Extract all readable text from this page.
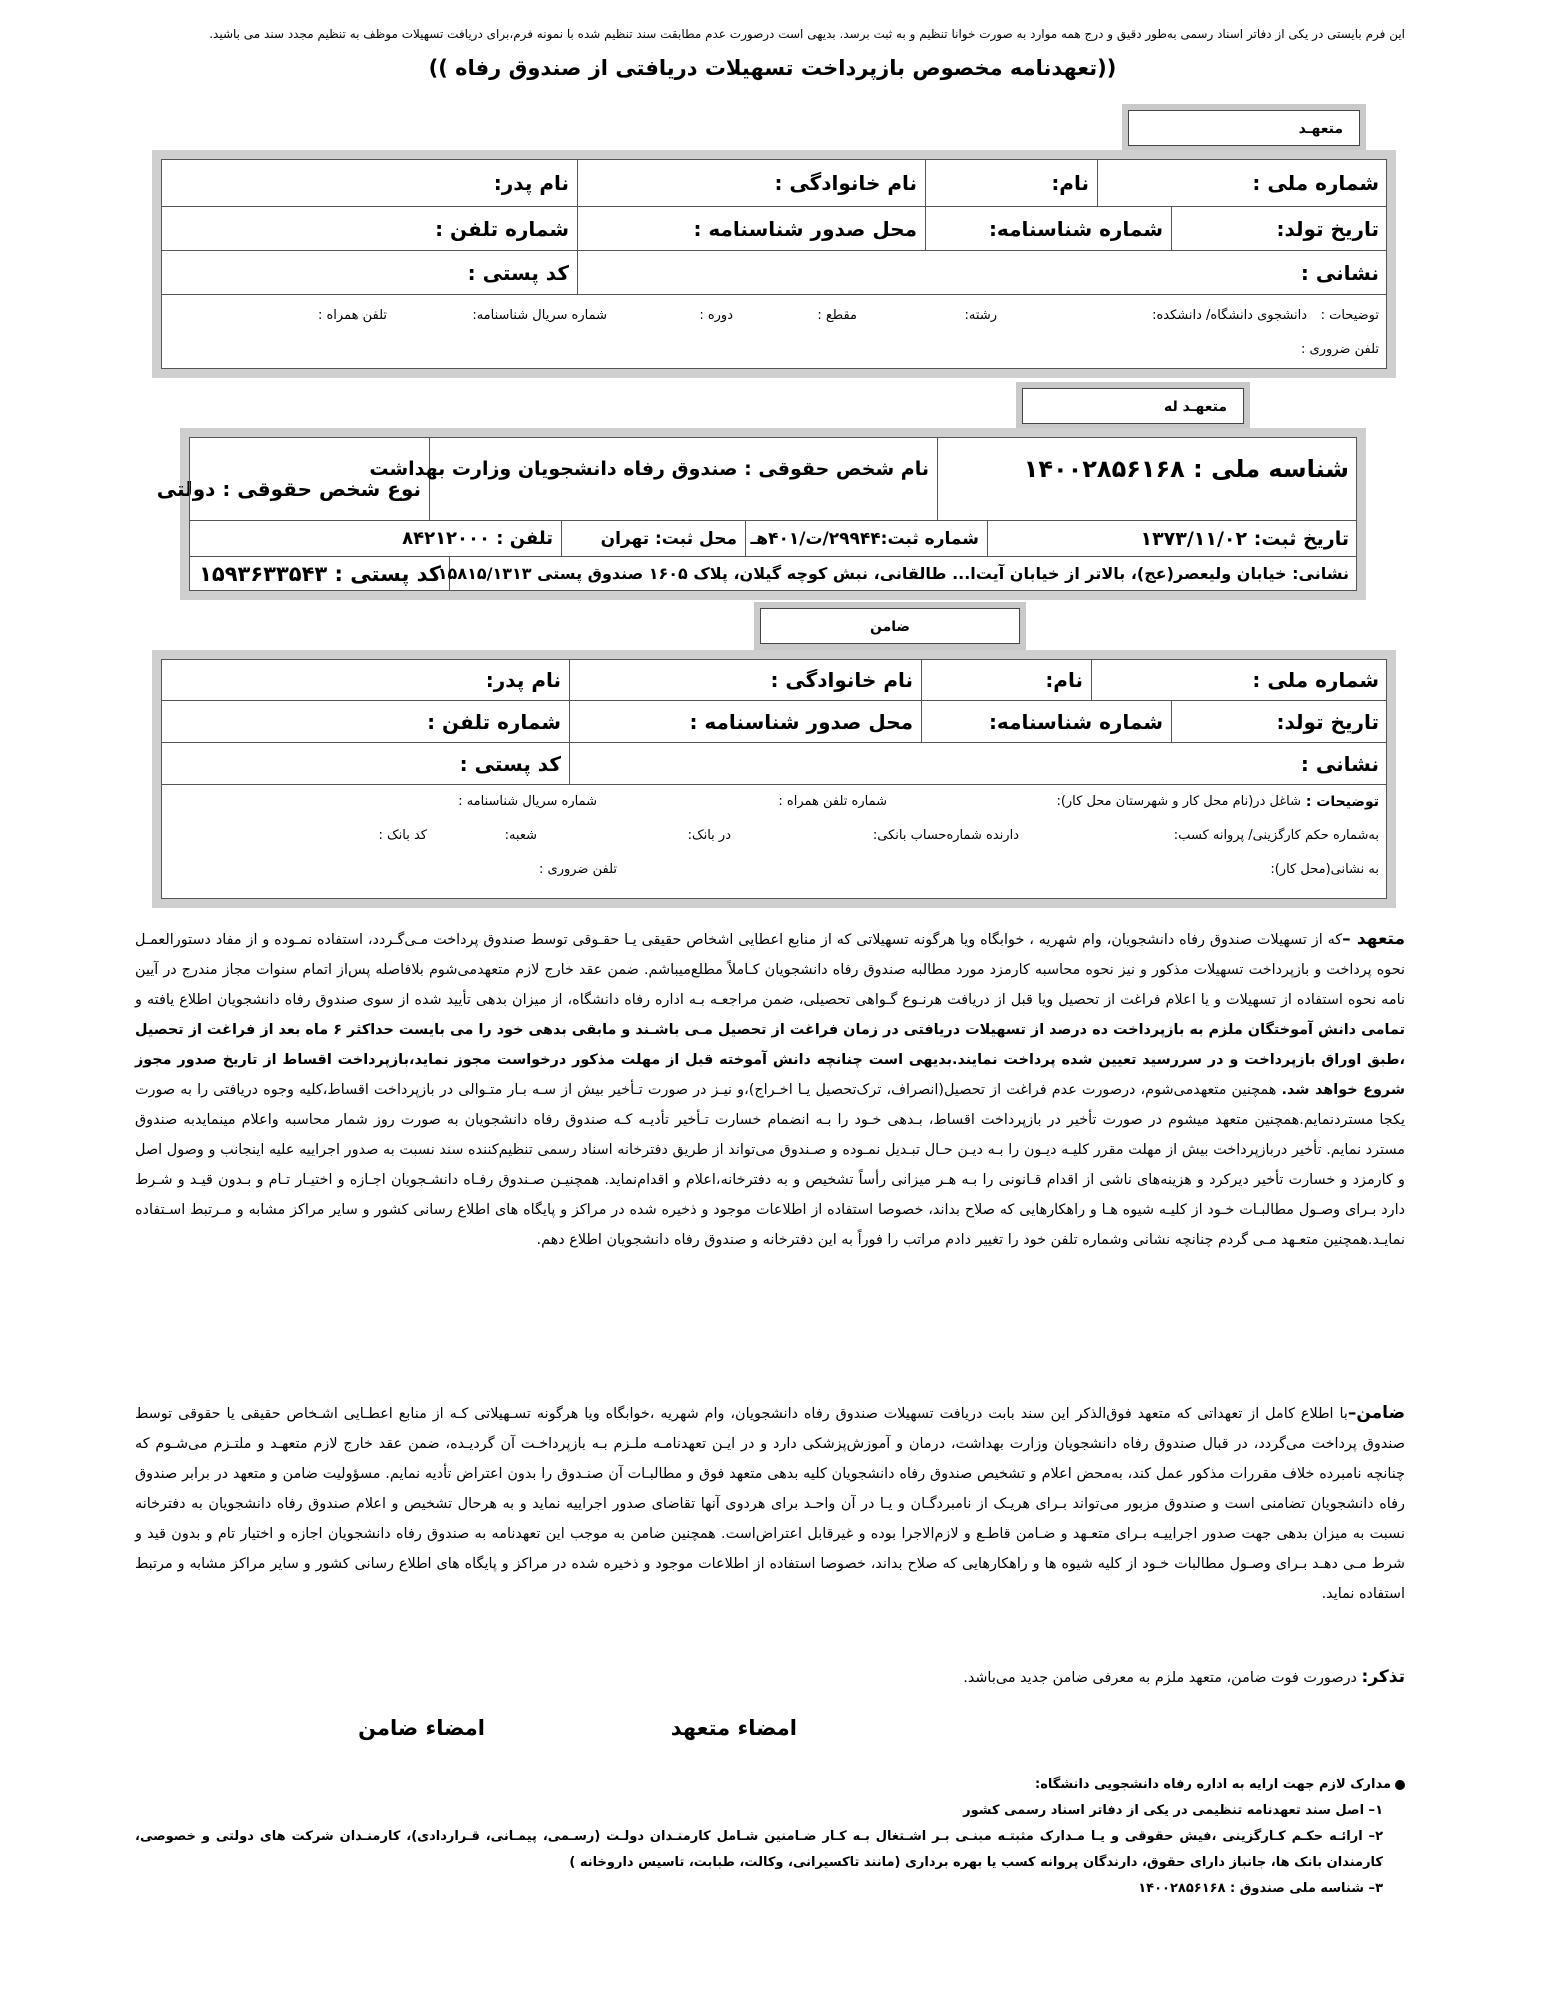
این فرم بایستی در یکی از دفاتر اسناد رسمی به‌طور دقیق و درج همه موارد به صورت خوانا تنظیم و به ثبت برسد. بدیهی است درصورت عدم مطابقت سند تنظیم شده با نمونه فرم،برای دریافت تسهیلات موظف به تنظیم مجدد سند می باشید.
((تعهدنامه مخصوص بازپرداخت تسهیلات دریافتی از صندوق رفاه ))
متعهـد
شماره ملی :
نام:
نام خانوادگی :
نام پدر:
تاریخ تولد:
شماره شناسنامه:
محل صدور شناسنامه :
شماره تلفن :
نشانی :
کد پستی :
توضیحات :
دانشجوی دانشگاه/ دانشکده:
رشته:
مقطع :
دوره :
شماره سریال شناسنامه:
تلفن همراه :
تلفن ضروری :
متعهـد له
شناسه ملی : ۱۴۰۰۲۸۵۶۱۶۸
نام شخص حقوقی : صندوق رفاه دانشجویان وزارت بهداشت
نوع شخص حقوقی : دولتی
تاریخ ثبت: ۱۳۷۳/۱۱/۰۲
شماره ثبت:۲۹۹۴۴/ت/۴۰۱هـ
محل ثبت: تهران
تلفن : ۸۴۲۱۲۰۰۰
نشانی: خیابان ولیعصر(عج)، بالاتر از خیابان آیت‌ا... طالقانی، نبش کوچه گیلان، پلاک ۱۶۰۵ صندوق پستی ۱۵۸۱۵/۱۳۱۳
کد پستی : ۱۵۹۳۶۳۳۵۴۳
ضامن
شماره ملی :
نام:
نام خانوادگی :
نام پدر:
تاریخ تولد:
شماره شناسنامه:
محل صدور شناسنامه :
شماره تلفن :
نشانی :
کد پستی :
توضیحات :
شاغل در(نام محل کار و شهرستان محل کار):
شماره تلفن همراه :
شماره سریال شناسنامه :
به‌شماره حکم کارگزینی/ پروانه کسب:
دارنده شماره‌حساب بانکی:
در بانک:
شعبه:
کد بانک :
به نشانی(محل کار):
تلفن ضروری :
متعهد –که از تسهیلات صندوق رفاه دانشجویان، وام شهریه ، خوابگاه ویا هرگونه تسهیلاتی که از منابع اعطایی اشخاص حقیقی یـا حقـوقی توسط صندوق پرداخت مـی‌گـردد، استفاده نمـوده و از مفاد دستورالعمـل نحوه پرداخت و بازپرداخت تسهیلات مذکور و نیز نحوه محاسبه کارمزد مورد مطالبه صندوق رفاه دانشجویان کـاملاً مطلع‌میباشم. ضمن عقد خارج لازم متعهدمی‌شوم بلافاصله پس‌از اتمام سنوات مجاز مندرج در آیین نامه نحوه استفاده از تسهیلات و یا اعلام فراغت از تحصیل ویا قبل از دریافت هرنـوع گـواهی تحصیلی، ضمن مراجعـه بـه اداره رفاه دانشگاه، از میزان بدهی تأیید شده از سوی صندوق رفاه دانشجویان اطلاع یافته و تمامی دانش آموختگان ملزم به بازپرداخت ده درصد از تسهیلات دریافتی در زمان فراغت از تحصیل مـی باشـند و مابقی بدهی خود را می بایست حداکثر ۶ ماه بعد از فراغت از تحصیل ،طبق اوراق بازپرداخت و در سررسید تعیین شده پرداخت نمایند.بدیهی است چنانچه دانش آموخته قبل از مهلت مذکور درخواست مجوز نماید،بازپرداخت اقساط از تاریخ صدور مجوز شروع خواهد شد. همچنین متعهدمی‌شوم، درصورت عدم فراغت از تحصیل(انصراف، ترک‌تحصیل یـا اخـراج)،و نیـز در صورت تـأخیر بیش از سـه بـار متـوالی در بازپرداخت اقساط،کلیه وجوه دریافتی را به صورت یکجا مستردنمایم.همچنین متعهد میشوم در صورت تأخیر در بازپرداخت اقساط، بـدهی خـود را بـه انضمام خسارت تـأخیر تأدیـه کـه صندوق رفاه دانشجویان به صورت روز شمار محاسبه واعلام مینمایدبه صندوق مسترد نمایم. تأخیر دربازپرداخت بیش از مهلت مقرر کلیـه دیـون را بـه دیـن حـال تبـدیل نمـوده و صـندوق می‌تواند از طریق دفترخانه اسناد رسمی تنظیم‌کننده سند نسبت به صدور اجراییه علیه اینجانب و وصول اصل و کارمزد و خسارت تأخیر دیرکرد و هزینه‌های ناشی از اقدام قـانونی را بـه هـر میزانی رأساً تشخیص و به دفترخانه،اعلام و اقدام‌نماید. همچنیـن صـندوق رفـاه دانشـجویان اجـازه و اختیـار تـام و بـدون قیـد و شـرط دارد بـرای وصـول مطالبـات خـود از کلیـه شیوه هـا و راهکارهایی که صلاح بداند، خصوصا استفاده از اطلاعات موجود و ذخیره شده در مراکز و پایگاه های اطلاع رسانی کشور و سایر مراکز مشابه و مـرتبط اسـتفاده نمایـد.همچنین متعـهد مـی گردم چنانچه نشانی وشماره تلفن خود را تغییر دادم مراتب را فوراً به این دفترخانه و صندوق رفاه دانشجویان اطلاع دهم.
ضامن–با اطلاع کامل از تعهداتی که متعهد فوق‌الذکر این سند بابت دریافت تسهیلات صندوق رفاه دانشجویان، وام شهریه ،خوابگاه ویا هرگونه تسـهیلاتی کـه از منابع اعطـایی اشـخاص حقیقی یا حقوقی توسط صندوق پرداخت می‌گردد، در قبال صندوق رفاه دانشجویان وزارت بهداشت، درمان و آموزش‌پزشکی دارد و در ایـن تعهدنامـه ملـزم بـه بازپرداخـت آن گردیـده، ضمن عقد خارج لازم متعهـد و ملتـزم می‌شـوم که چنانچه نامبرده خلاف مقررات مذکور عمل کند، به‌محض اعلام و تشخیص صندوق رفاه دانشجویان کلیه بدهی متعهد فوق و مطالبـات آن صنـدوق را بدون اعتراض تأدیه نمایم. مسؤولیت ضامن و متعهد در برابر صندوق رفاه دانشجویان تضامنی است و صندوق مزبور می‌تواند بـرای هریـک از نامبردگـان و یـا در آن واحـد برای هردوی آنها تقاضای صدور اجراییه نماید و به هرحال تشخیص و اعلام صندوق رفاه دانشجویان به دفترخانه نسبت به میزان بدهی جهت صدور اجراییـه بـرای متعـهد و ضـامن قاطـع و لازم‌الاجرا بوده و غیرقابل اعتراض‌است. همچنین ضامن به موجب این تعهدنامه به صندوق رفاه دانشجویان اجازه و اختیار تام و بدون قید و شرط مـی دهـد بـرای وصـول مطالبات خـود از کلیه شیوه ها و راهکارهایی که صلاح بداند، خصوصا استفاده از اطلاعات موجود و ذخیره شده در مراکز و پایگاه های اطلاع رسانی کشور و سایر مراکز مشابه و مرتبط استفاده نماید.
تذکر: درصورت فوت ضامن، متعهد ملزم به معرفی ضامن جدید می‌باشد.
امضاء متعهد
امضاء ضامن
مدارک لازم جهت ارایه به اداره رفاه دانشجویی دانشگاه:
۱– اصل سند تعهدنامه تنظیمی در یکی از دفاتر اسناد رسمی کشور
۲– ارائـه حکـم کـارگزینی ،فیش حقوقی و یـا مـدارک مثبتـه مبنـی بـر اشـتغال بـه کـار ضـامنین شـامل کارمنـدان دولـت (رسـمی، پیمـانی، قـراردادی)، کارمنـدان شرکت های دولتی و خصوصی، کارمندان بانک ها، جانباز دارای حقوق، دارندگان پروانه کسب یا بهره برداری (مانند تاکسیرانی، وکالت، طبابت، تاسیس داروخانه )
۳– شناسه ملی صندوق : ۱۴۰۰۲۸۵۶۱۶۸
